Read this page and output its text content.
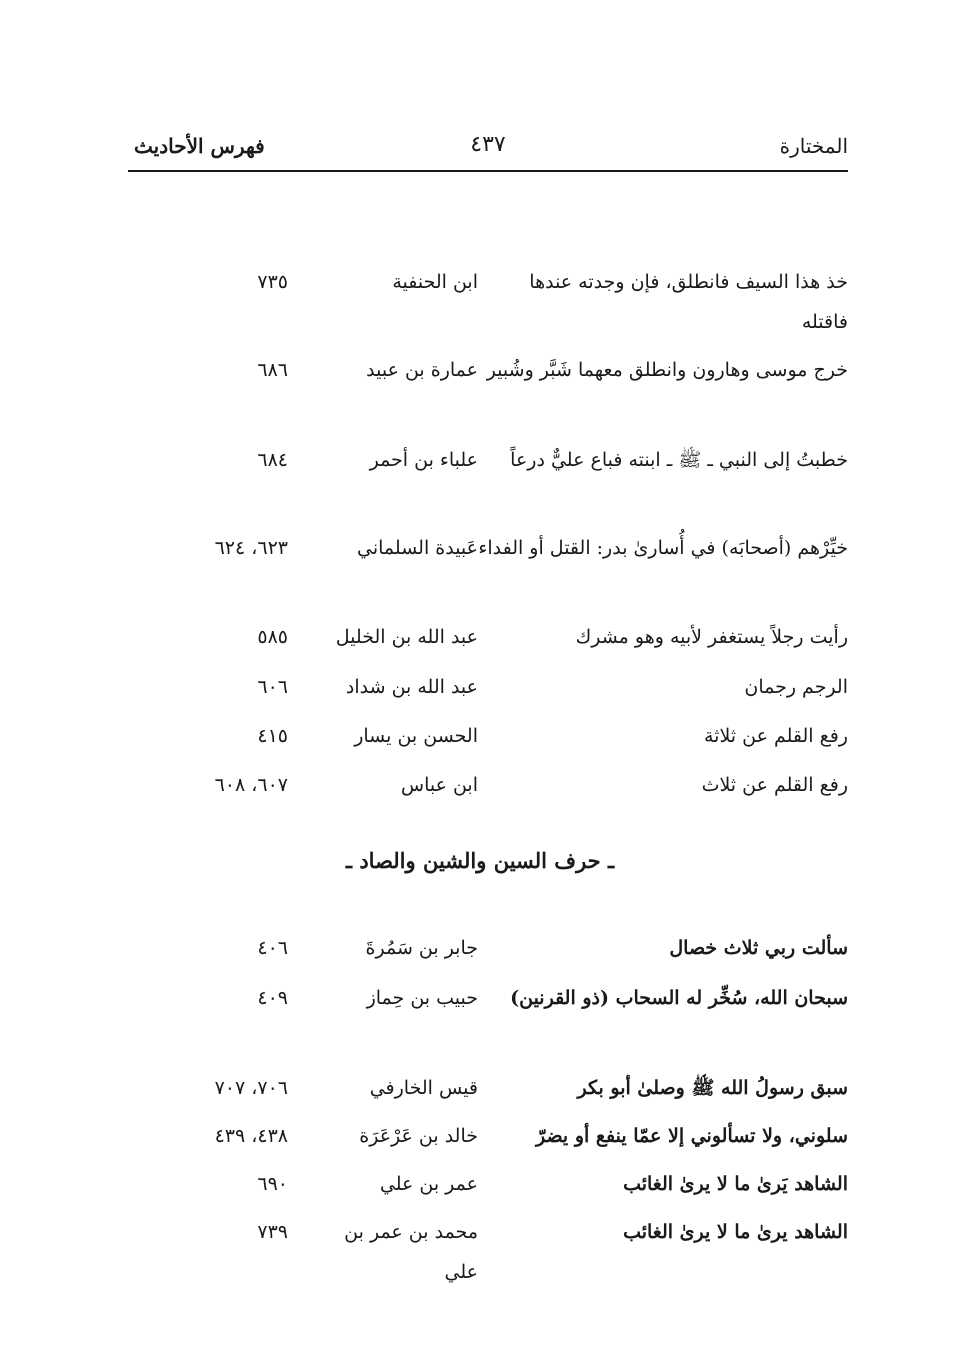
المختارة
٤٣٧
فهرس الأحاديث
خذ هذا السيف فانطلق، فإن وجدته عندها فاقتله
ابن الحنفية
٧٣٥
خرج موسى وهارون وانطلق معهما شَبَّر وشُبير
عمارة بن عبيد
٦٨٦
خطبتُ إلى النبي ـ ﷺ ـ ابنته فباع عليٌّ درعاً
علباء بن أحمر
٦٨٤
خيِّرْهم (أصحابَه) في أُسارىٰ بدر: القتل أو الفداء
عَبيدة السلماني
٦٢٣، ٦٢٤
رأيت رجلاً يستغفر لأبيه وهو مشرك
عبد الله بن الخليل
٥٨٥
الرجم رجمان
عبد الله بن شداد
٦٠٦
رفع القلم عن ثلاثة
الحسن بن يسار
٤١٥
رفع القلم عن ثلاث
ابن عباس
٦٠٧، ٦٠٨
ـ حرف السين والشين والصاد ـ
سألت ربي ثلاث خصال
جابر بن سَمُرةَ
٤٠٦
سبحان الله، سُخِّر له السحاب (ذو القرنين)
حبيب بن حِماز
٤٠٩
سبق رسولُ الله ﷺ وصلىٰ أبو بكر
قيس الخارفي
٧٠٦، ٧٠٧
سلوني، ولا تسألوني إلا عمّا ينفع أو يضرّ
خالد بن عَرْعَرَة
٤٣٨، ٤٣٩
الشاهد يَرىٰ ما لا يرىٰ الغائب
عمر بن علي
٦٩٠
الشاهد يرىٰ ما لا يرىٰ الغائب
محمد بن عمر بن علي
٧٣٩
